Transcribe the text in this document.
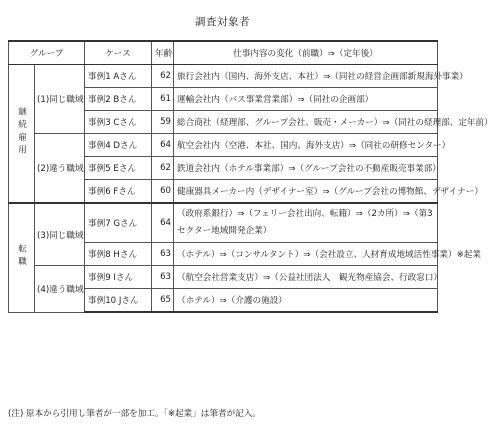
調査対象者
グループ		ケース	年齢	仕事内容の変化（前職）⇒（定年後）
継続雇用	(1)同じ職域	事例1 Aさん	62	旅行会社内（国内、海外支店、本社）⇒（同社の経営企画部新規海外事業）
		事例2 Bさん	61	運輸会社内（バス事業営業部）⇒（同社の企画部）
		事例3 Cさん	59	総合商社（経理部、グループ会社、販売・メーカー）⇒（同社の経理部、定年前）
	(2)違う職域	事例4 Dさん	64	航空会社内（空港、本社、国内、海外支店）⇒（同社の研修センター）
		事例5 Eさん	62	鉄道会社内（ホテル事業部）⇒（グループ会社の不動産販売事業部）
		事例6 Fさん	60	健康器具メーカー内（デザイナー室）⇒（グループ会社の博物館、デザイナー）
転職	(3)同じ職域	事例7 Gさん	64	（政府系銀行）⇒（フェリー会社出向、転籍）⇒（2カ所）⇒（第3セクター地域開発企業）
		事例8 Hさん	63	（ホテル）⇒（コンサルタント）⇒（会社設立、人材育成地域活性事業）※起業
	(4)違う職域	事例9 Iさん	63	（航空会社営業支店）⇒（公益社団法人　観光物産協会、行政窓口）
		事例10 Jさん	65	（ホテル）⇒（介護の施設）
(注) 原本から引用し筆者が一部を加工。「※起業」は筆者が記入。
